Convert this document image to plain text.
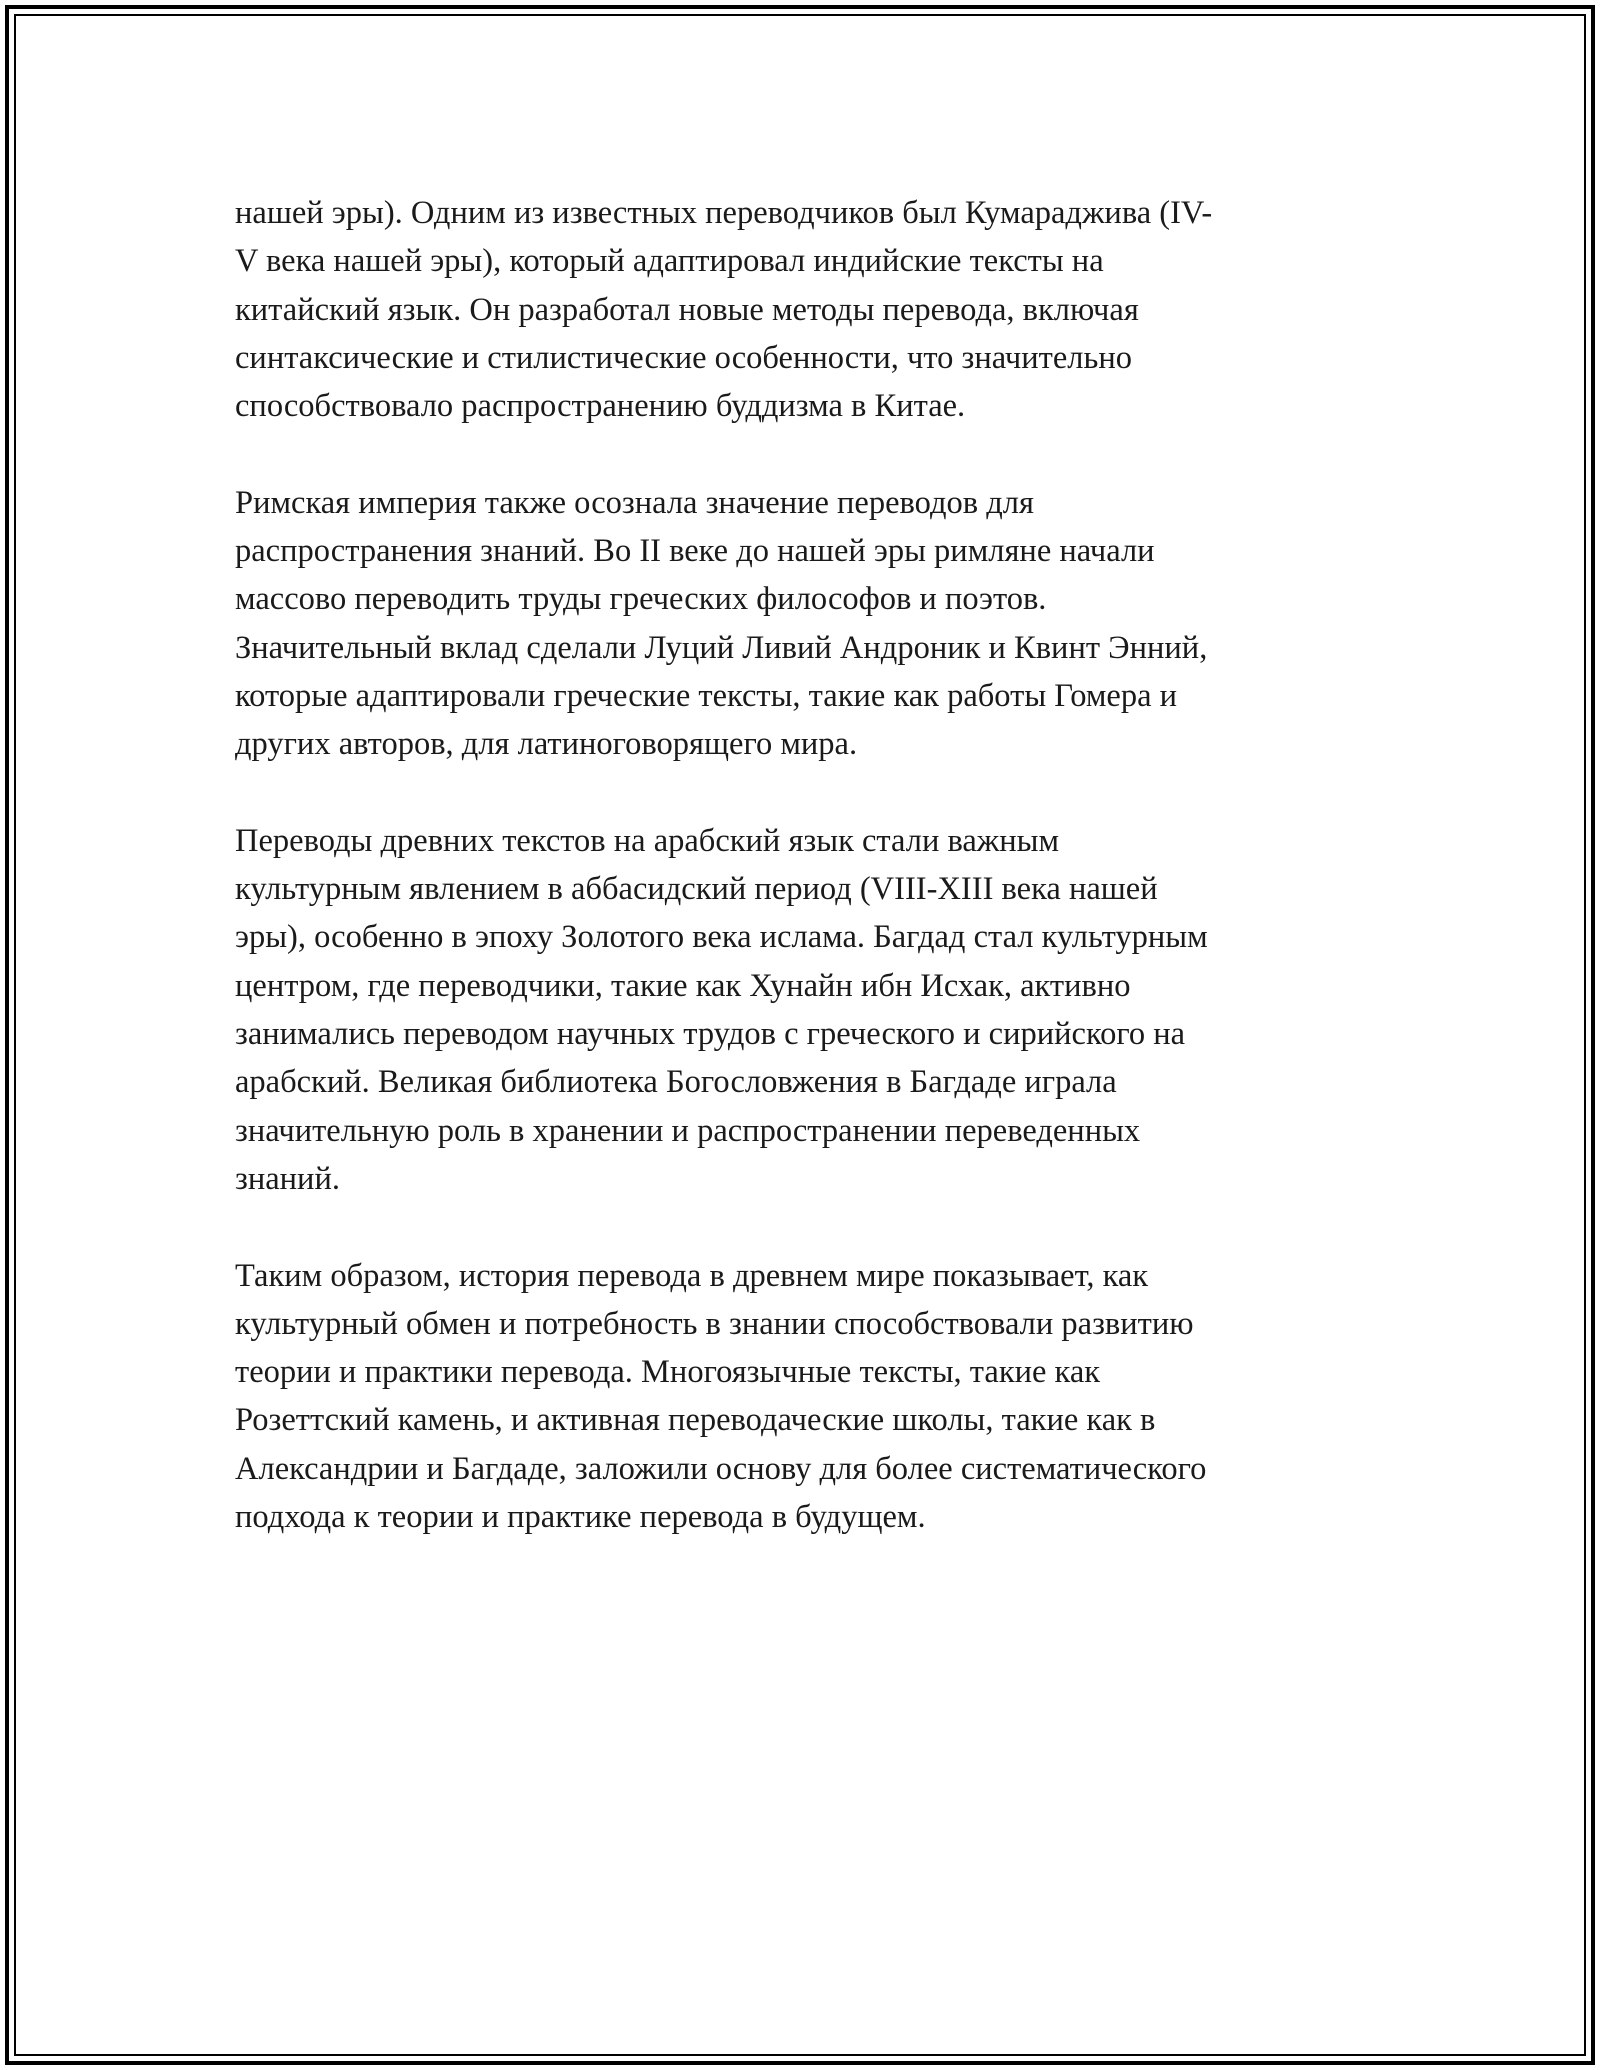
нашей эры). Одним из известных переводчиков был Кумараджива (IV-
V века нашей эры), который адаптировал индийские тексты на
китайский язык. Он разработал новые методы перевода, включая
синтаксические и стилистические особенности, что значительно
способствовало распространению буддизма в Китае.
Римская империя также осознала значение переводов для
распространения знаний. Во II веке до нашей эры римляне начали
массово переводить труды греческих философов и поэтов.
Значительный вклад сделали Луций Ливий Андроник и Квинт Энний,
которые адаптировали греческие тексты, такие как работы Гомера и
других авторов, для латиноговорящего мира.
Переводы древних текстов на арабский язык стали важным
культурным явлением в аббасидский период (VIII-XIII века нашей
эры), особенно в эпоху Золотого века ислама. Багдад стал культурным
центром, где переводчики, такие как Хунайн ибн Исхак, активно
занимались переводом научных трудов с греческого и сирийского на
арабский. Великая библиотека Богословжения в Багдаде играла
значительную роль в хранении и распространении переведенных
знаний.
Таким образом, история перевода в древнем мире показывает, как
культурный обмен и потребность в знании способствовали развитию
теории и практики перевода. Многоязычные тексты, такие как
Розеттский камень, и активная переводаческие школы, такие как в
Александрии и Багдаде, заложили основу для более систематического
подхода к теории и практике перевода в будущем.
